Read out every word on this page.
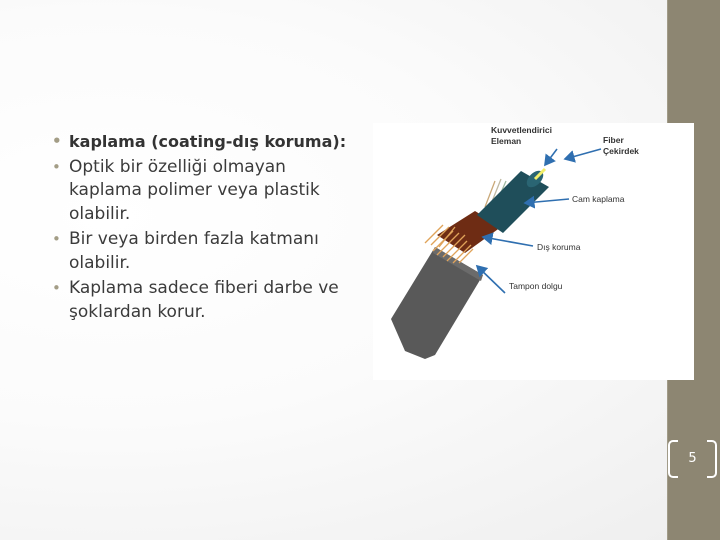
• kaplama (coating-dış koruma):
• Optik bir özelliği olmayan kaplama polimer veya plastik olabilir.
• Bir veya birden fazla katmanı olabilir.
• Kaplama sadece fiberi darbe ve şoklardan korur.
Kuvvetlendirici
Eleman	Fiber
Çekirdek
Cam kaplama
Dış koruma
Tampon dolgu
5
